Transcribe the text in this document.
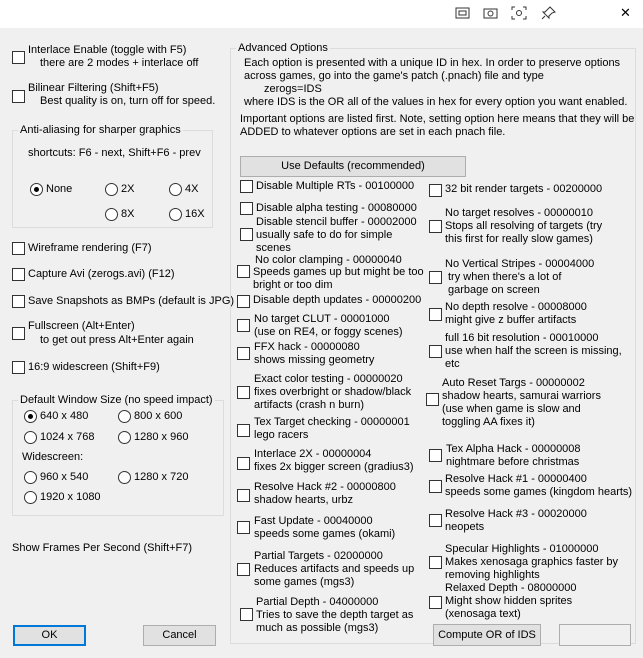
✕
Interlace Enable (toggle with F5)
there are 2 modes + interlace off
Bilinear Filtering (Shift+F5)
Best quality is on, turn off for speed.
Anti-aliasing for sharper graphics
shortcuts: F6 - next, Shift+F6 - prev
None	2X	4X
8X	16X
Wireframe rendering (F7)
Capture Avi (zerogs.avi) (F12)
Save Snapshots as BMPs (default is JPG)
Fullscreen (Alt+Enter)
to get out press Alt+Enter again
16:9 widescreen (Shift+F9)
Default Window Size (no speed impact)
640 x 480	800 x 600
1024 x 768	1280 x 960
Widescreen:
960 x 540	1280 x 720
1920 x 1080
Show Frames Per Second (Shift+F7)
Advanced Options
Each option is presented with a unique ID in hex. In order to preserve options
across games, go into the game's patch (.pnach) file and type
zerogs=IDS
where IDS is the OR all of the values in hex for every option you want enabled.
Important options are listed first. Note, setting option here means that they will be
ADDED to whatever options are set in each pnach file.
Use Defaults (recommended)
Disable Multiple RTs - 00100000
Disable alpha testing - 00080000
Disable stencil buffer - 00002000
usually safe to do for simple
scenes
No color clamping - 00000040
Speeds games up but might be too
bright or too dim
Disable depth updates - 00000200
No target CLUT - 00001000
(use on RE4, or foggy scenes)
FFX hack - 00000080
shows missing geometry
Exact color testing - 00000020
fixes overbright or shadow/black
artifacts (crash n burn)
Tex Target checking - 00000001
lego racers
Interlace 2X - 00000004
fixes 2x bigger screen (gradius3)
Resolve Hack #2 - 00000800
shadow hearts, urbz
Fast Update - 00040000
speeds some games (okami)
Partial Targets - 02000000
Reduces artifacts and speeds up
some games (mgs3)
Partial Depth - 04000000
Tries to save the depth target as
much as possible (mgs3)
32 bit render targets - 00200000
No target resolves - 00000010
Stops all resolving of targets (try
this first for really slow games)
No Vertical Stripes - 00004000
try when there's a lot of
garbage on screen
No depth resolve - 00008000
might give z buffer artifacts
full 16 bit resolution - 00010000
use when half the screen is missing,
etc
Auto Reset Targs - 00000002
shadow hearts, samurai warriors
(use when game is slow and
toggling AA fixes it)
Tex Alpha Hack - 00000008
nightmare before christmas
Resolve Hack #1 - 00000400
speeds some games (kingdom hearts)
Resolve Hack #3 - 00020000
neopets
Specular Highlights - 01000000
Makes xenosaga graphics faster by
removing highlights
Relaxed Depth - 08000000
Might show hidden sprites
(xenosaga text)
Compute OR of IDS
OK	Cancel
